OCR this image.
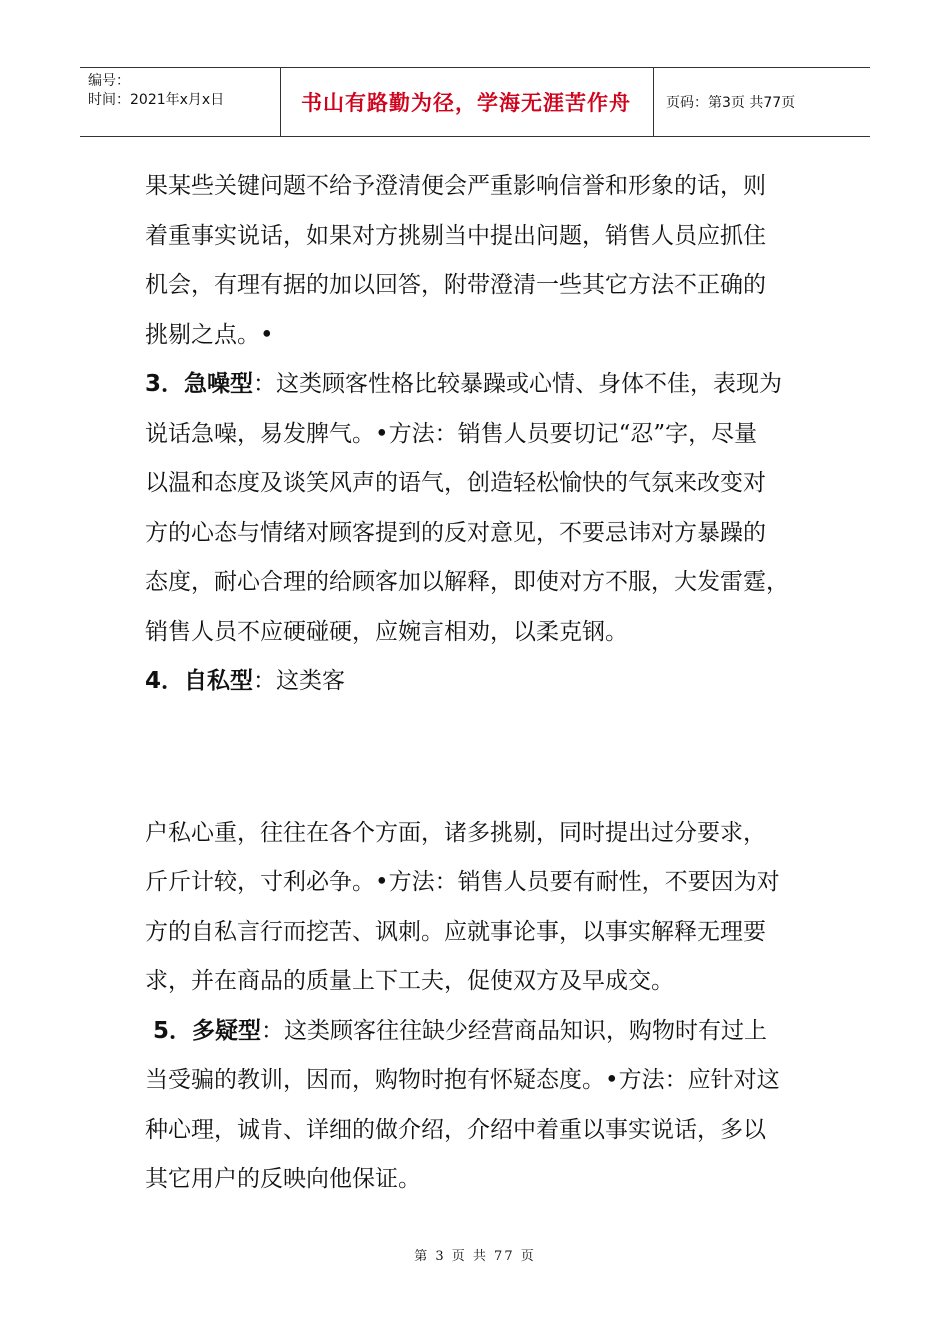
编号：
时间：2021年x月x日	书山有路勤为径，学海无涯苦作舟	页码：第3页 共77页
果某些关键问题不给予澄清便会严重影响信誉和形象的话，则
着重事实说话，如果对方挑剔当中提出问题，销售人员应抓住
机会，有理有据的加以回答，附带澄清一些其它方法不正确的
挑剔之点。•
3．急噪型：这类顾客性格比较暴躁或心情、身体不佳，表现为
说话急噪，易发脾气。•方法：销售人员要切记“忍”字，尽量
以温和态度及谈笑风声的语气，创造轻松愉快的气氛来改变对
方的心态与情绪对顾客提到的反对意见，不要忌讳对方暴躁的
态度，耐心合理的给顾客加以解释，即使对方不服，大发雷霆，
销售人员不应硬碰硬，应婉言相劝，以柔克钢。
4．自私型：这类客
户私心重，往往在各个方面，诸多挑剔，同时提出过分要求，
斤斤计较，寸利必争。•方法：销售人员要有耐性，不要因为对
方的自私言行而挖苦、讽刺。应就事论事，以事实解释无理要
求，并在商品的质量上下工夫，促使双方及早成交。
5．多疑型：这类顾客往往缺少经营商品知识，购物时有过上
当受骗的教训，因而，购物时抱有怀疑态度。•方法：应针对这
种心理，诚肯、详细的做介绍，介绍中着重以事实说话，多以
其它用户的反映向他保证。
第 3 页 共 77 页
